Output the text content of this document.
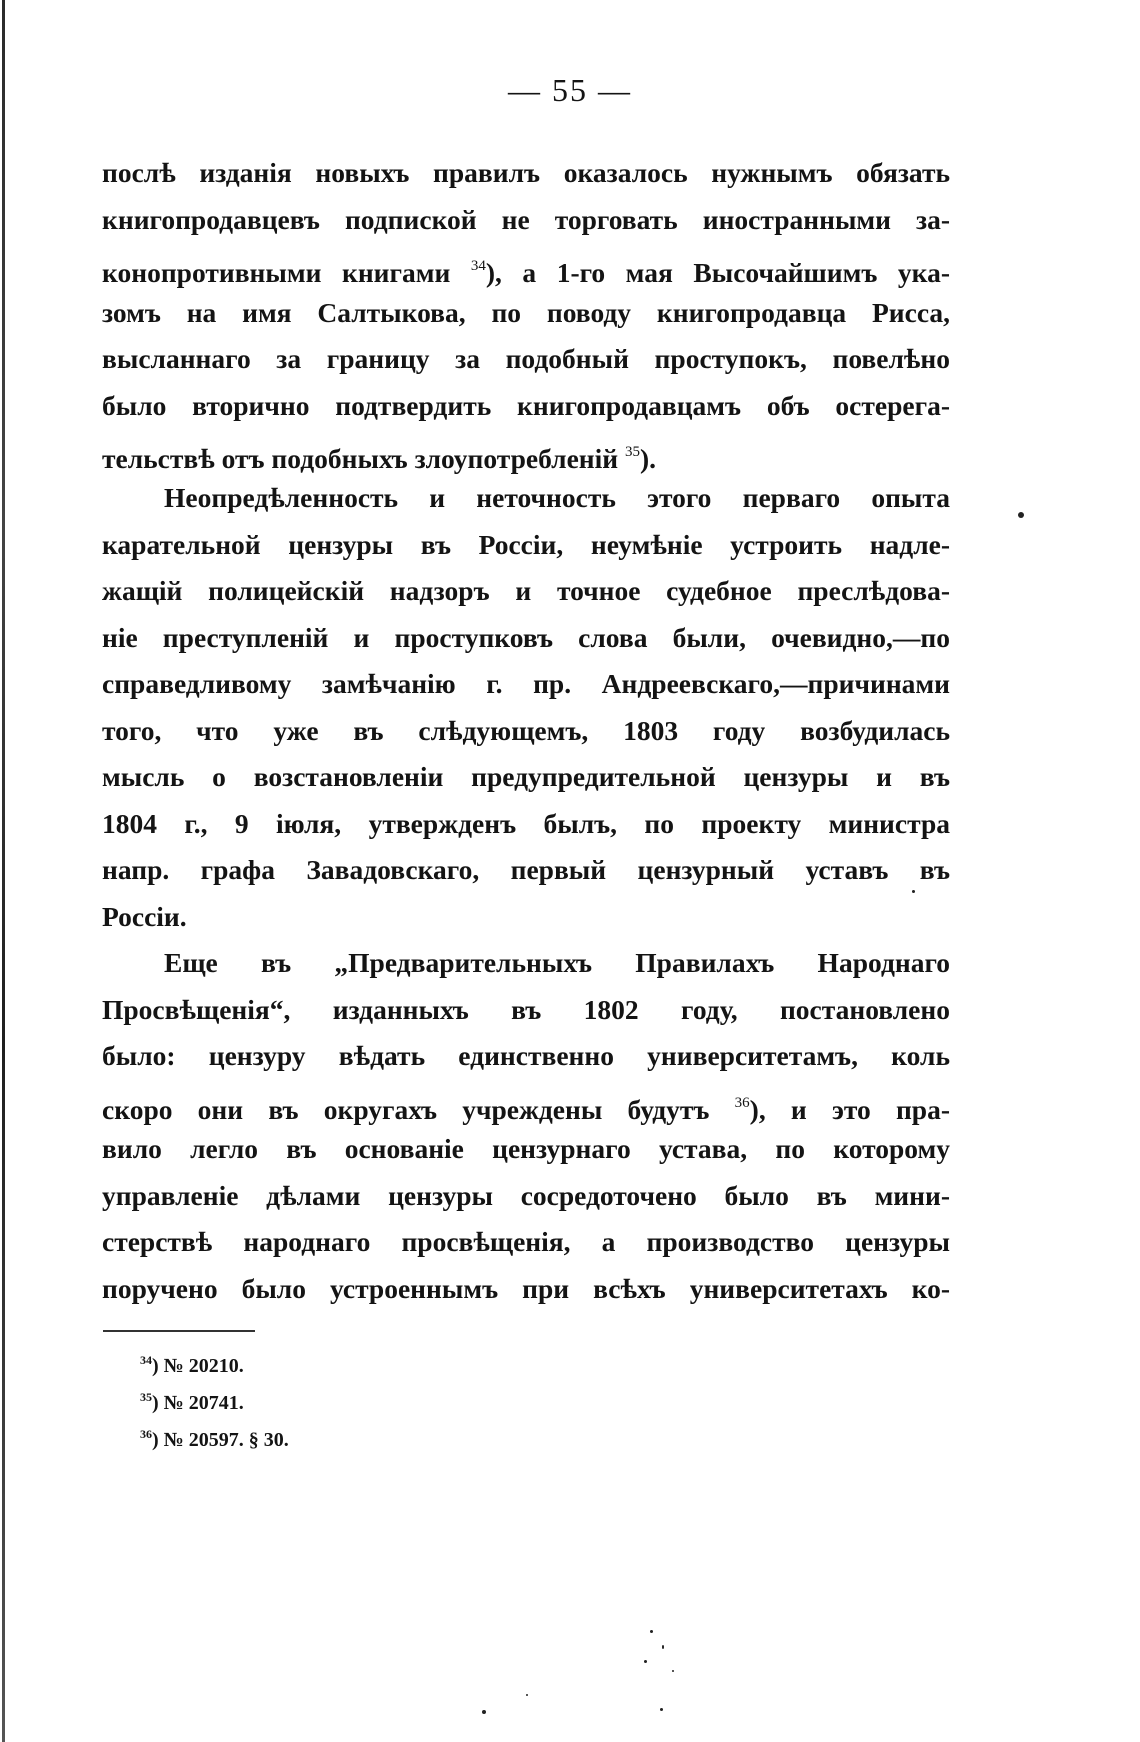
— 55 —
послѣ изданія новыхъ правилъ оказалось нужнымъ обязать
книгопродавцевъ подпиской не торговать иностранными за-
конопротивными книгами $^{34}$), а 1-го мая Высочайшимъ ука-
зомъ на имя Салтыкова, по поводу книгопродавца Рисса,
высланнаго за границу за подобный проступокъ, повелѣно
было вторично подтвердить книгопродавцамъ объ остерега-
тельствѣ отъ подобныхъ злоупотребленій $^{35}$).
Неопредѣленность и неточность этого перваго опыта
карательной цензуры въ Россіи, неумѣніе устроить надле-
жащій полицейскій надзоръ и точное судебное преслѣдова-
ніе преступленій и проступковъ слова были, очевидно,—по
справедливому замѣчанію г. пр. Андреевскаго,—причинами
того, что уже въ слѣдующемъ, 1803 году возбудилась
мысль о возстановленіи предупредительной цензуры и въ
1804 г., 9 іюля, утвержденъ былъ, по проекту министра
напр. графа Завадовскаго, первый цензурный уставъ въ
Россіи.
Еще въ „Предварительныхъ Правилахъ Народнаго
Просвѣщенія“, изданныхъ въ 1802 году, постановлено
было: цензуру вѣдать единственно университетамъ, коль
скоро они въ округахъ учреждены будутъ $^{36}$), и это пра-
вило легло въ основаніе цензурнаго устава, по которому
управленіе дѣлами цензуры сосредоточено было въ мини-
стерствѣ народнаго просвѣщенія, а производство цензуры
поручено было устроеннымъ при всѣхъ университетахъ ко-
$^{34}$) № 20210.
$^{35}$) № 20741.
$^{36}$) № 20597. § 30.
